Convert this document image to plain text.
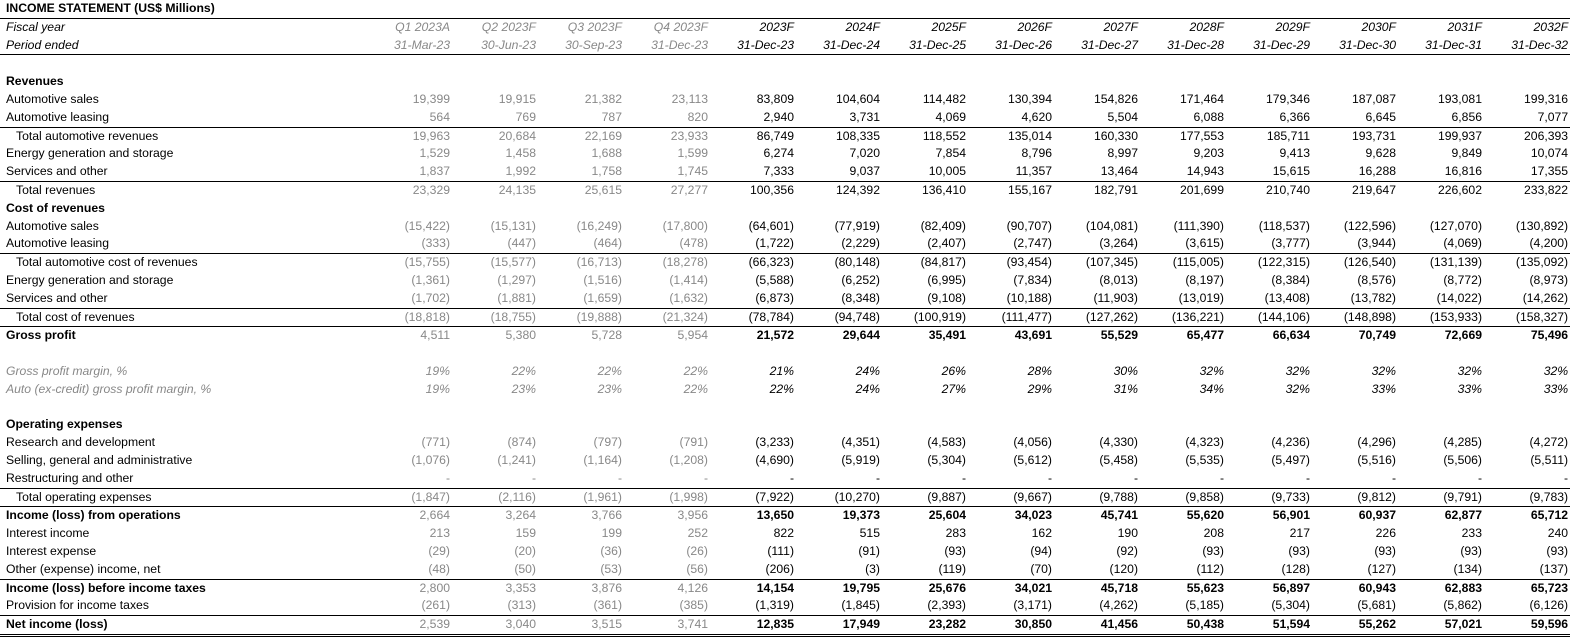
INCOME STATEMENT (US$ Millions)														
Fiscal year	Q1 2023A	Q2 2023F	Q3 2023F	Q4 2023F	2023F	2024F	2025F	2026F	2027F	2028F	2029F	2030F	2031F	2032F
Period ended	31-Mar-23	30-Jun-23	30-Sep-23	31-Dec-23	31-Dec-23	31-Dec-24	31-Dec-25	31-Dec-26	31-Dec-27	31-Dec-28	31-Dec-29	31-Dec-30	31-Dec-31	31-Dec-32

Revenues														
Automotive sales	19,399	19,915	21,382	23,113	83,809	104,604	114,482	130,394	154,826	171,464	179,346	187,087	193,081	199,316
Automotive leasing	564	769	787	820	2,940	3,731	4,069	4,620	5,504	6,088	6,366	6,645	6,856	7,077
Total automotive revenues	19,963	20,684	22,169	23,933	86,749	108,335	118,552	135,014	160,330	177,553	185,711	193,731	199,937	206,393
Energy generation and storage	1,529	1,458	1,688	1,599	6,274	7,020	7,854	8,796	8,997	9,203	9,413	9,628	9,849	10,074
Services and other	1,837	1,992	1,758	1,745	7,333	9,037	10,005	11,357	13,464	14,943	15,615	16,288	16,816	17,355
Total revenues	23,329	24,135	25,615	27,277	100,356	124,392	136,410	155,167	182,791	201,699	210,740	219,647	226,602	233,822
Cost of revenues														
Automotive sales	(15,422)	(15,131)	(16,249)	(17,800)	(64,601)	(77,919)	(82,409)	(90,707)	(104,081)	(111,390)	(118,537)	(122,596)	(127,070)	(130,892)
Automotive leasing	(333)	(447)	(464)	(478)	(1,722)	(2,229)	(2,407)	(2,747)	(3,264)	(3,615)	(3,777)	(3,944)	(4,069)	(4,200)
Total automotive cost of revenues	(15,755)	(15,577)	(16,713)	(18,278)	(66,323)	(80,148)	(84,817)	(93,454)	(107,345)	(115,005)	(122,315)	(126,540)	(131,139)	(135,092)
Energy generation and storage	(1,361)	(1,297)	(1,516)	(1,414)	(5,588)	(6,252)	(6,995)	(7,834)	(8,013)	(8,197)	(8,384)	(8,576)	(8,772)	(8,973)
Services and other	(1,702)	(1,881)	(1,659)	(1,632)	(6,873)	(8,348)	(9,108)	(10,188)	(11,903)	(13,019)	(13,408)	(13,782)	(14,022)	(14,262)
Total cost of revenues	(18,818)	(18,755)	(19,888)	(21,324)	(78,784)	(94,748)	(100,919)	(111,477)	(127,262)	(136,221)	(144,106)	(148,898)	(153,933)	(158,327)
Gross profit	4,511	5,380	5,728	5,954	21,572	29,644	35,491	43,691	55,529	65,477	66,634	70,749	72,669	75,496

Gross profit margin, %	19%	22%	22%	22%	21%	24%	26%	28%	30%	32%	32%	32%	32%	32%
Auto (ex-credit) gross profit margin, %	19%	23%	23%	22%	22%	24%	27%	29%	31%	34%	32%	33%	33%	33%

Operating expenses														
Research and development	(771)	(874)	(797)	(791)	(3,233)	(4,351)	(4,583)	(4,056)	(4,330)	(4,323)	(4,236)	(4,296)	(4,285)	(4,272)
Selling, general and administrative	(1,076)	(1,241)	(1,164)	(1,208)	(4,690)	(5,919)	(5,304)	(5,612)	(5,458)	(5,535)	(5,497)	(5,516)	(5,506)	(5,511)
Restructuring and other	-	-	-	-	-	-	-	-	-	-	-	-	-	-
Total operating expenses	(1,847)	(2,116)	(1,961)	(1,998)	(7,922)	(10,270)	(9,887)	(9,667)	(9,788)	(9,858)	(9,733)	(9,812)	(9,791)	(9,783)
Income (loss) from operations	2,664	3,264	3,766	3,956	13,650	19,373	25,604	34,023	45,741	55,620	56,901	60,937	62,877	65,712
Interest income	213	159	199	252	822	515	283	162	190	208	217	226	233	240
Interest expense	(29)	(20)	(36)	(26)	(111)	(91)	(93)	(94)	(92)	(93)	(93)	(93)	(93)	(93)
Other (expense) income, net	(48)	(50)	(53)	(56)	(206)	(3)	(119)	(70)	(120)	(112)	(128)	(127)	(134)	(137)
Income (loss) before income taxes	2,800	3,353	3,876	4,126	14,154	19,795	25,676	34,021	45,718	55,623	56,897	60,943	62,883	65,723
Provision for income taxes	(261)	(313)	(361)	(385)	(1,319)	(1,845)	(2,393)	(3,171)	(4,262)	(5,185)	(5,304)	(5,681)	(5,862)	(6,126)
Net income (loss)	2,539	3,040	3,515	3,741	12,835	17,949	23,282	30,850	41,456	50,438	51,594	55,262	57,021	59,596
